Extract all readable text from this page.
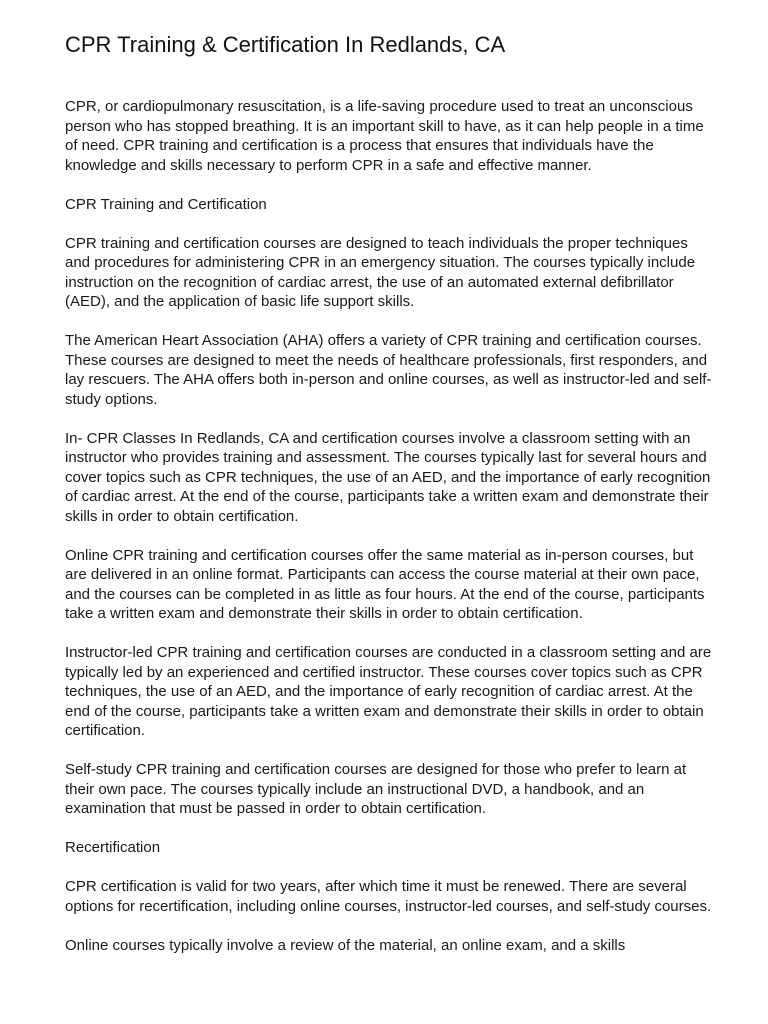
CPR Training & Certification In Redlands, CA

CPR, or cardiopulmonary resuscitation, is a life-saving procedure used to treat an unconscious person who has stopped breathing. It is an important skill to have, as it can help people in a time of need. CPR training and certification is a process that ensures that individuals have the knowledge and skills necessary to perform CPR in a safe and effective manner.

CPR Training and Certification

CPR training and certification courses are designed to teach individuals the proper techniques and procedures for administering CPR in an emergency situation. The courses typically include instruction on the recognition of cardiac arrest, the use of an automated external defibrillator (AED), and the application of basic life support skills.

The American Heart Association (AHA) offers a variety of CPR training and certification courses. These courses are designed to meet the needs of healthcare professionals, first responders, and lay rescuers. The AHA offers both in-person and online courses, as well as instructor-led and self-study options.

In- CPR Classes In Redlands, CA and certification courses involve a classroom setting with an instructor who provides training and assessment. The courses typically last for several hours and cover topics such as CPR techniques, the use of an AED, and the importance of early recognition of cardiac arrest. At the end of the course, participants take a written exam and demonstrate their skills in order to obtain certification.

Online CPR training and certification courses offer the same material as in-person courses, but are delivered in an online format. Participants can access the course material at their own pace, and the courses can be completed in as little as four hours. At the end of the course, participants take a written exam and demonstrate their skills in order to obtain certification.

Instructor-led CPR training and certification courses are conducted in a classroom setting and are typically led by an experienced and certified instructor. These courses cover topics such as CPR techniques, the use of an AED, and the importance of early recognition of cardiac arrest. At the end of the course, participants take a written exam and demonstrate their skills in order to obtain certification.

Self-study CPR training and certification courses are designed for those who prefer to learn at their own pace. The courses typically include an instructional DVD, a handbook, and an examination that must be passed in order to obtain certification.

Recertification

CPR certification is valid for two years, after which time it must be renewed. There are several options for recertification, including online courses, instructor-led courses, and self-study courses.

Online courses typically involve a review of the material, an online exam, and a skills
